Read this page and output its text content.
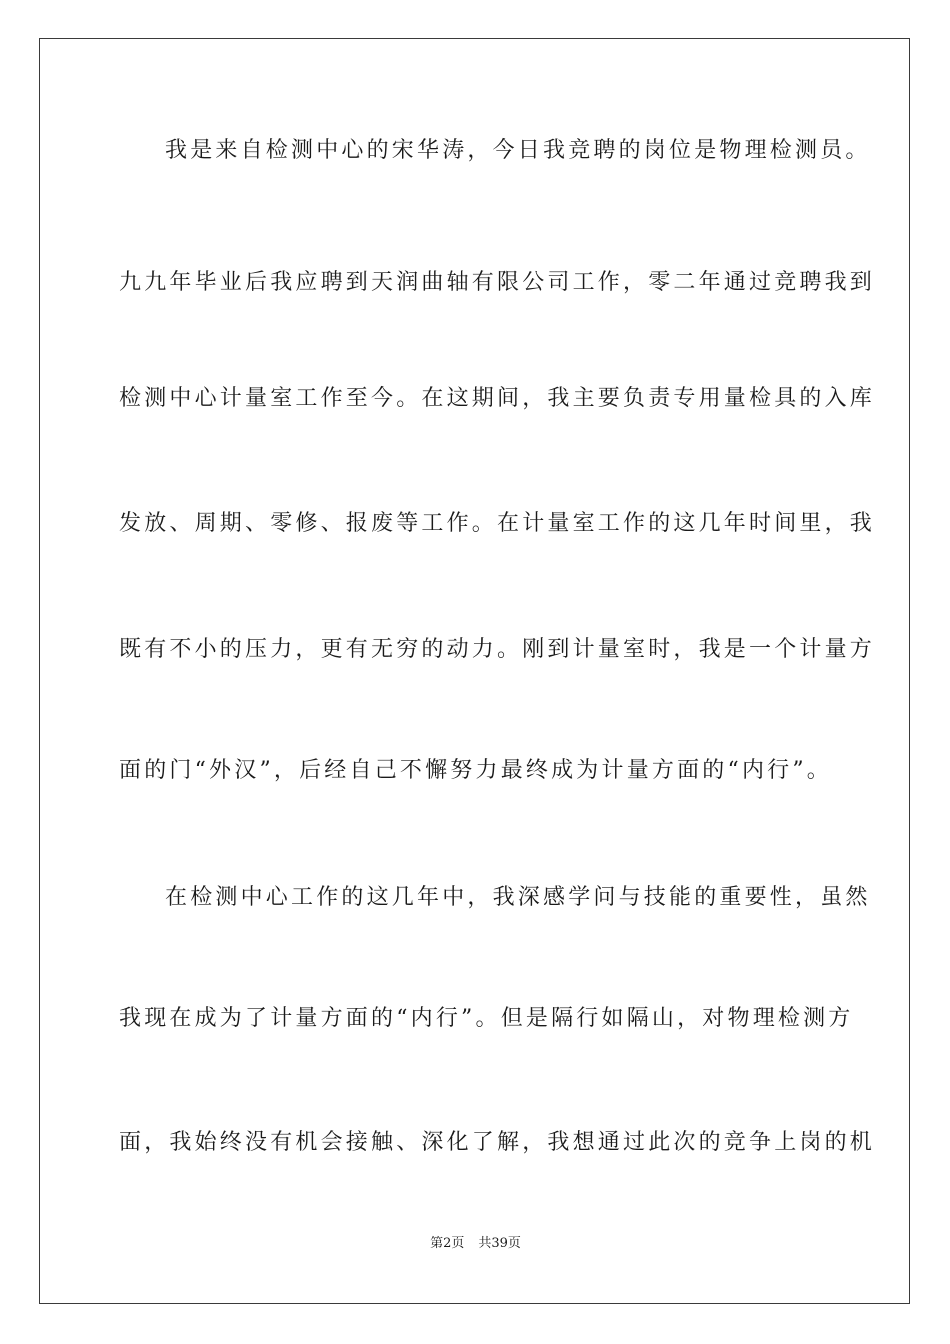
我是来自检测中心的宋华涛，今日我竞聘的岗位是物理检测员。
九九年毕业后我应聘到天润曲轴有限公司工作，零二年通过竞聘我到
检测中心计量室工作至今。在这期间，我主要负责专用量检具的入库
发放、周期、零修、报废等工作。在计量室工作的这几年时间里，我
既有不小的压力，更有无穷的动力。刚到计量室时，我是一个计量方
面的门“外汉”，后经自己不懈努力最终成为计量方面的“内行”。
在检测中心工作的这几年中，我深感学问与技能的重要性，虽然
我现在成为了计量方面的“内行”。但是隔行如隔山，对物理检测方
面，我始终没有机会接触、深化了解，我想通过此次的竞争上岗的机
第2页 共39页
